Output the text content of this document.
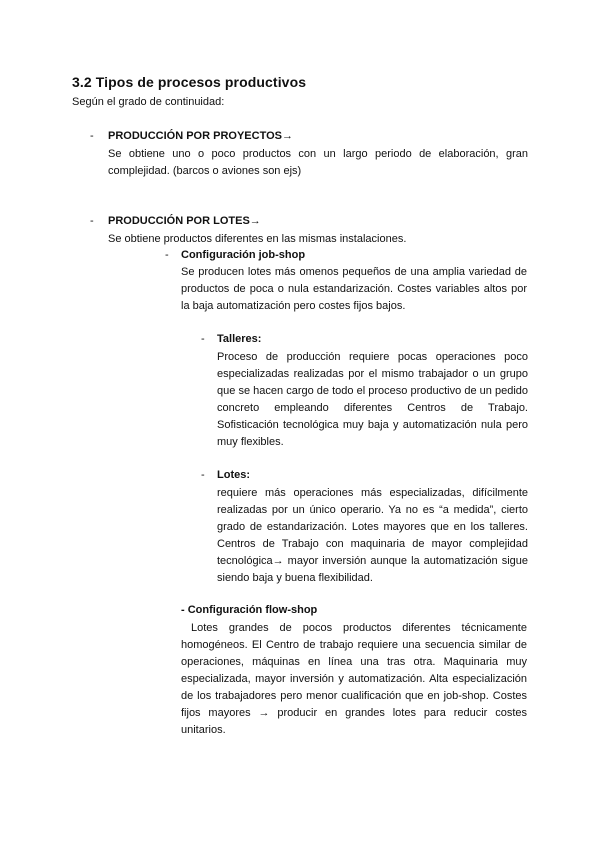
3.2 Tipos de procesos productivos
Según el grado de continuidad:
- PRODUCCIÓN POR PROYECTOS→

Se obtiene uno o poco productos con un largo periodo de elaboración, gran complejidad. (barcos o aviones son ejs)

- PRODUCCIÓN POR LOTES→

Se obtiene productos diferentes en las mismas instalaciones.

- Configuración job-shop

Se producen lotes más omenos pequeños de una amplia variedad de productos de poca o nula estandarización. Costes variables altos por la baja automatización pero costes fijos bajos.

- Talleres:

Proceso de producción requiere pocas operaciones poco especializadas realizadas por el mismo trabajador o un grupo que se hacen cargo de todo el proceso productivo de un pedido concreto empleando diferentes Centros de Trabajo. Sofisticación tecnológica muy baja y automatización nula pero muy flexibles.

- Lotes:

requiere más operaciones más especializadas, difícilmente realizadas por un único operario. Ya no es “a medida”, cierto grado de estandarización. Lotes mayores que en los talleres. Centros de Trabajo con maquinaria de mayor complejidad tecnológica→ mayor inversión aunque la automatización sigue siendo baja y buena flexibilidad.

- Configuración flow-shop

Lotes grandes de pocos productos diferentes técnicamente homogéneos. El Centro de trabajo requiere una secuencia similar de operaciones, máquinas en línea una tras otra. Maquinaria muy especializada, mayor inversión y automatización. Alta especialización de los trabajadores pero menor cualificación que en job-shop. Costes fijos mayores → producir en grandes lotes para reducir costes unitarios.
